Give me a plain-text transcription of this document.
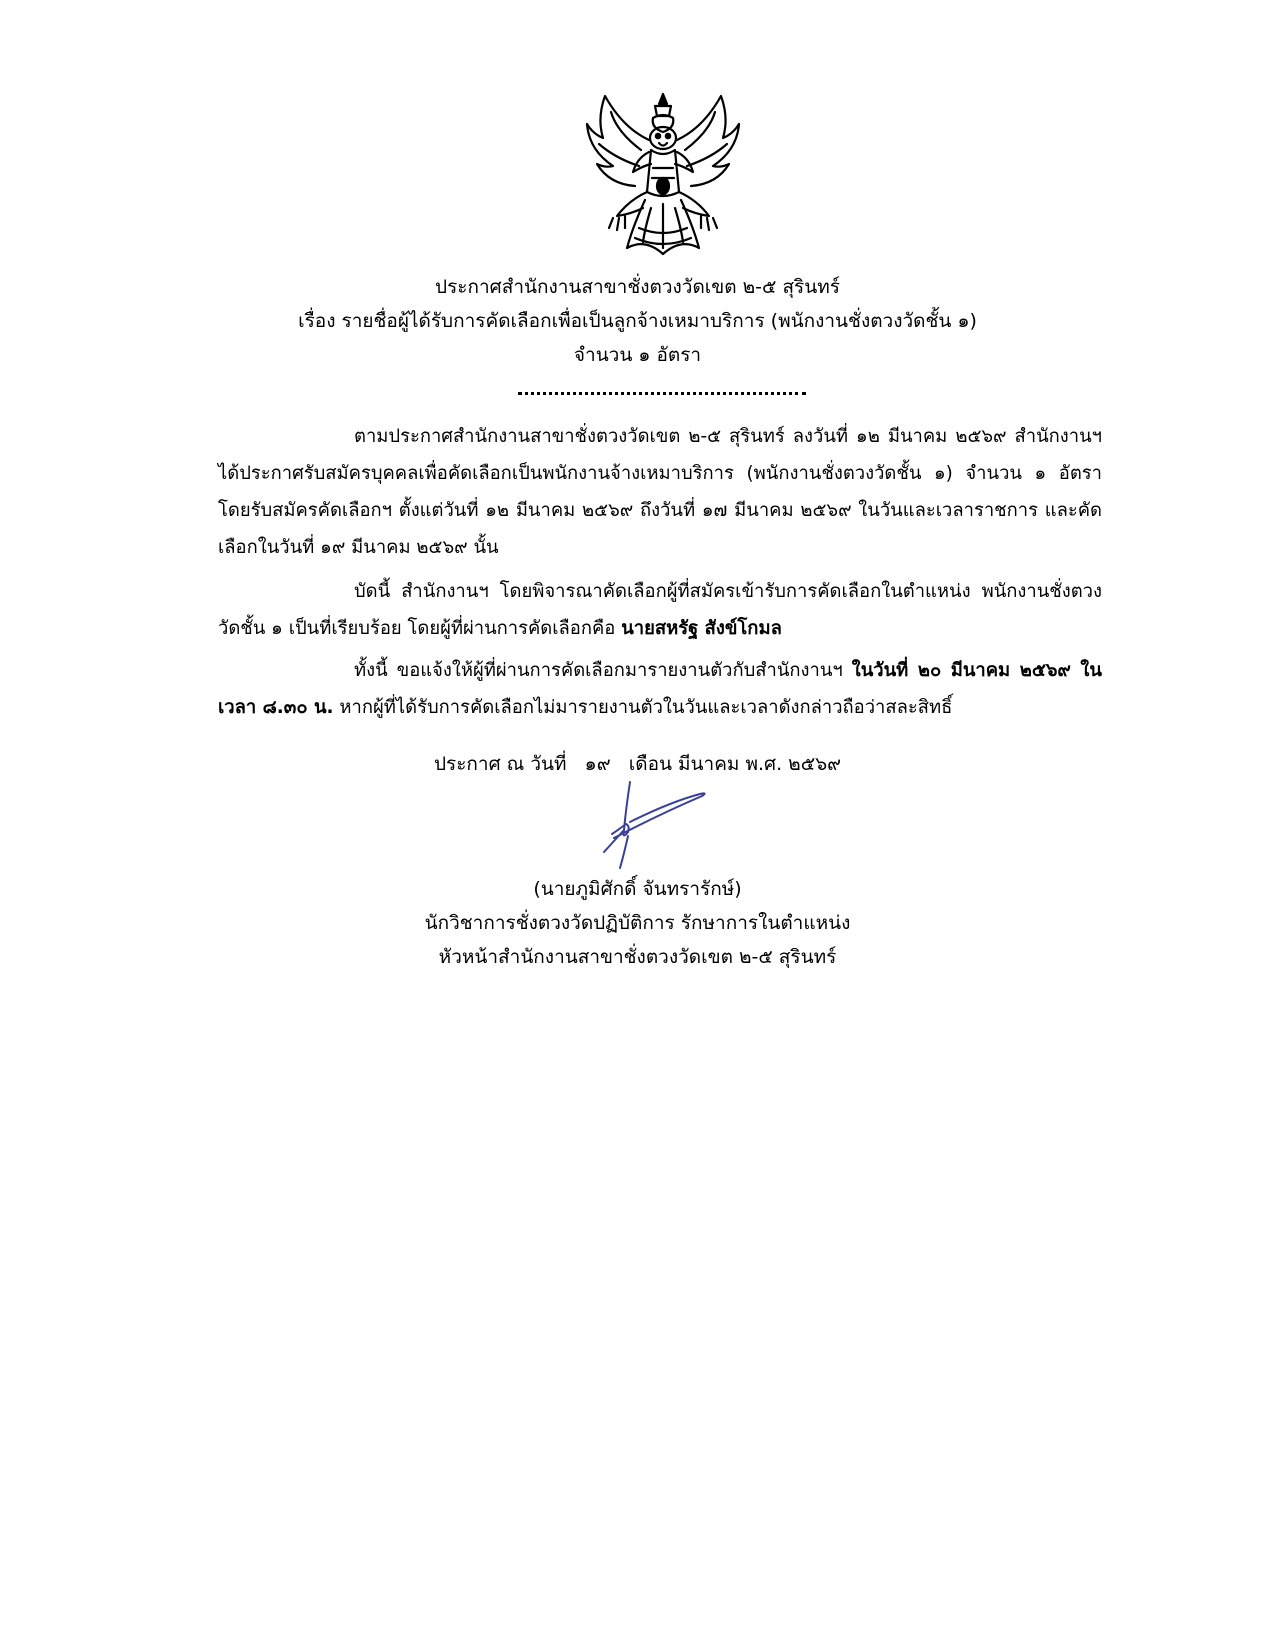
ประกาศสำนักงานสาขาชั่งตวงวัดเขต ๒-๕ สุรินทร์
เรื่อง รายชื่อผู้ได้รับการคัดเลือกเพื่อเป็นลูกจ้างเหมาบริการ (พนักงานชั่งตวงวัดชั้น ๑)
จำนวน ๑ อัตรา
ตามประกาศสำนักงานสาขาชั่งตวงวัดเขต ๒-๕ สุรินทร์ ลงวันที่ ๑๒ มีนาคม ๒๕๖๙ สำนักงานฯ ได้ประกาศรับสมัครบุคคลเพื่อคัดเลือกเป็นพนักงานจ้างเหมาบริการ (พนักงานชั่งตวงวัดชั้น ๑) จำนวน ๑ อัตรา โดยรับสมัครคัดเลือกฯ ตั้งแต่วันที่ ๑๒ มีนาคม ๒๕๖๙ ถึงวันที่ ๑๗ มีนาคม ๒๕๖๙ ในวันและเวลาราชการ และคัดเลือกในวันที่ ๑๙ มีนาคม ๒๕๖๙ นั้น
บัดนี้ สำนักงานฯ โดยพิจารณาคัดเลือกผู้ที่สมัครเข้ารับการคัดเลือกในตำแหน่ง พนักงานชั่งตวงวัดชั้น ๑ เป็นที่เรียบร้อย โดยผู้ที่ผ่านการคัดเลือกคือ นายสหรัฐ สังข์โกมล
ทั้งนี้ ขอแจ้งให้ผู้ที่ผ่านการคัดเลือกมารายงานตัวกับสำนักงานฯ ในวันที่ ๒๐ มีนาคม ๒๕๖๙ ในเวลา ๘.๓๐ น. หากผู้ที่ได้รับการคัดเลือกไม่มารายงานตัวในวันและเวลาดังกล่าวถือว่าสละสิทธิ์
ประกาศ ณ วันที่   ๑๙   เดือน มีนาคม พ.ศ. ๒๕๖๙
(นายภูมิศักดิ์ จันทรารักษ์)
นักวิชาการชั่งตวงวัดปฏิบัติการ รักษาการในตำแหน่ง
หัวหน้าสำนักงานสาขาชั่งตวงวัดเขต ๒-๕ สุรินทร์
